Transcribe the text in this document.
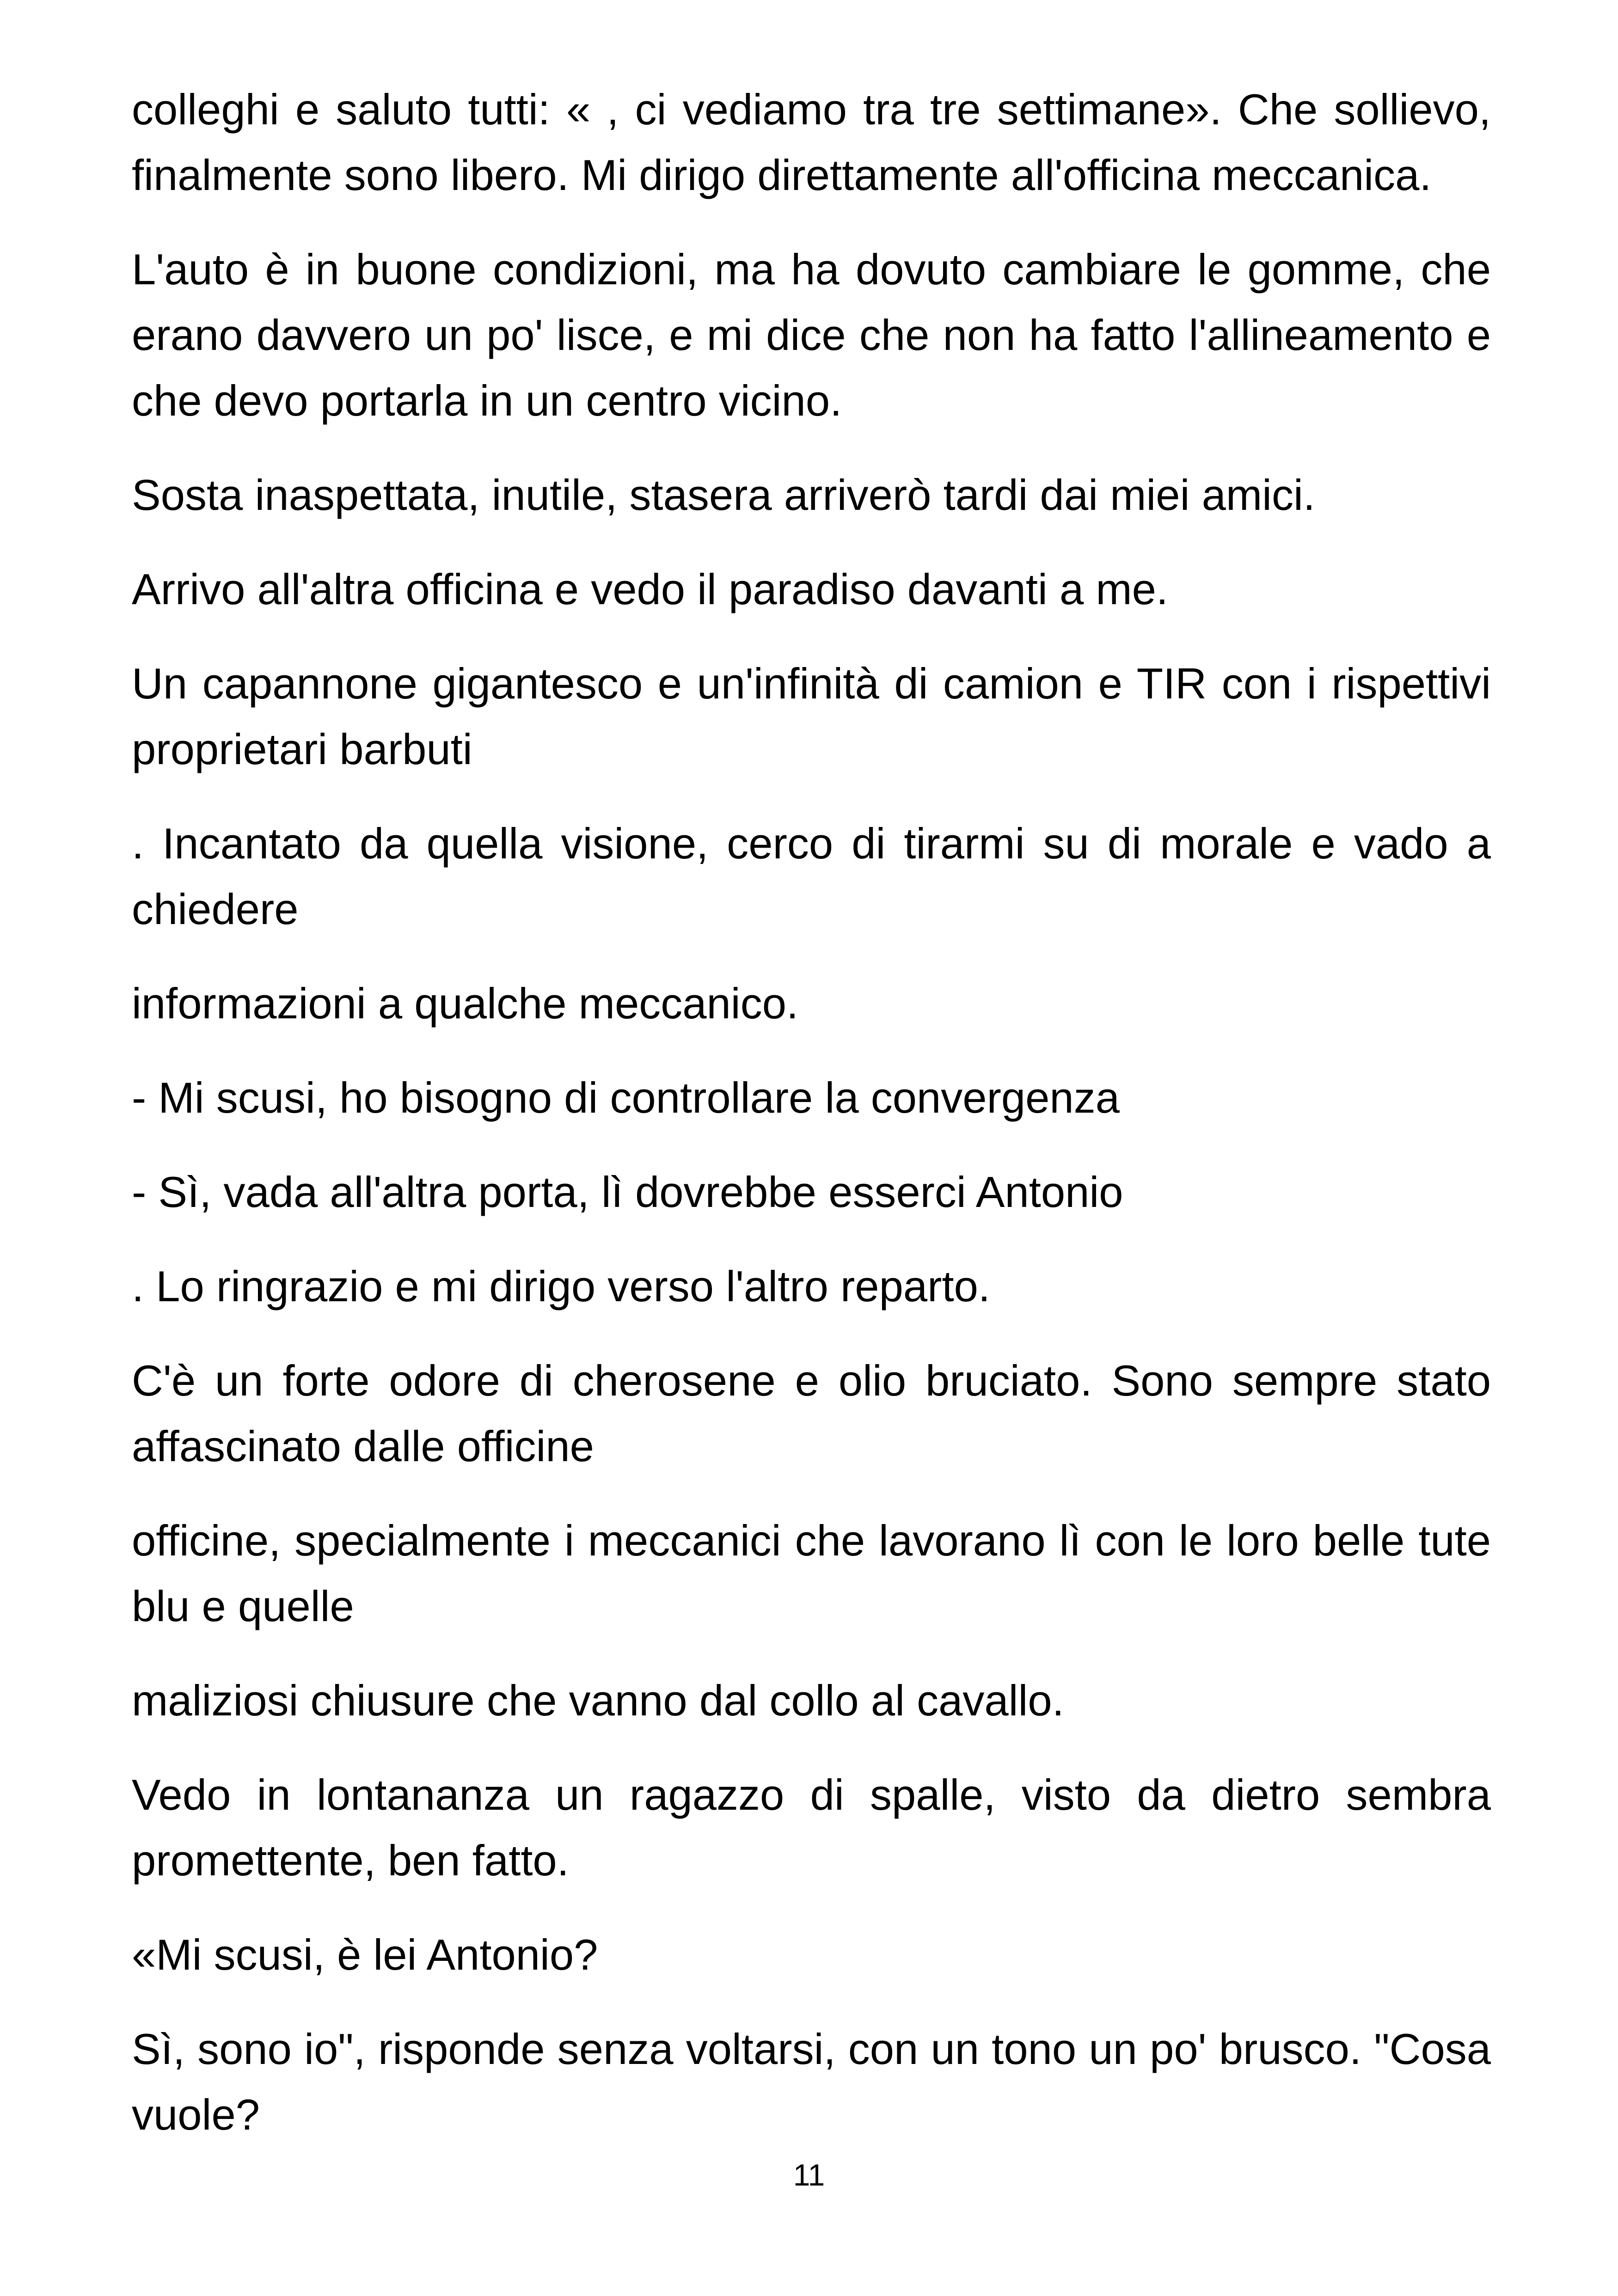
colleghi e saluto tutti: « , ci vediamo tra tre settimane». Che sollievo, finalmente sono libero. Mi dirigo direttamente all'officina meccanica.

L'auto è in buone condizioni, ma ha dovuto cambiare le gomme, che erano davvero un po' lisce, e mi dice che non ha fatto l'allineamento e che devo portarla in un centro vicino.

Sosta inaspettata, inutile, stasera arriverò tardi dai miei amici.

Arrivo all'altra officina e vedo il paradiso davanti a me.

Un capannone gigantesco e un'infinità di camion e TIR con i rispettivi proprietari barbuti

. Incantato da quella visione, cerco di tirarmi su di morale e vado a chiedere

informazioni a qualche meccanico.

- Mi scusi, ho bisogno di controllare la convergenza

- Sì, vada all'altra porta, lì dovrebbe esserci Antonio

. Lo ringrazio e mi dirigo verso l'altro reparto.

C'è un forte odore di cherosene e olio bruciato. Sono sempre stato affascinato dalle officine

officine, specialmente i meccanici che lavorano lì con le loro belle tute blu e quelle

maliziosi chiusure che vanno dal collo al cavallo.

Vedo in lontananza un ragazzo di spalle, visto da dietro sembra promettente, ben fatto.

«Mi scusi, è lei Antonio?

Sì, sono io", risponde senza voltarsi, con un tono un po' brusco. "Cosa vuole?

11
